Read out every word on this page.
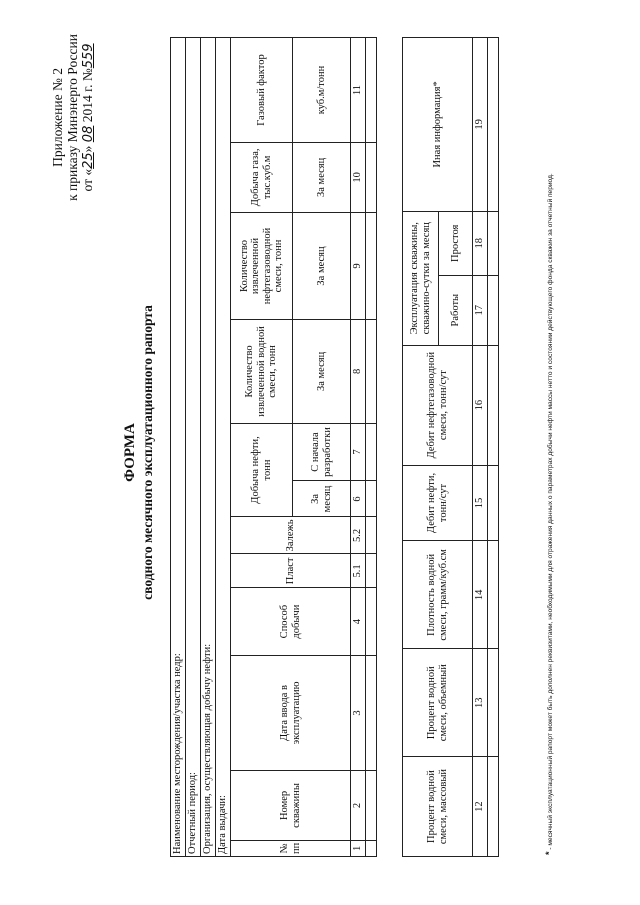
Приложение № 2 к приказу Минэнерго России от «25» 08 2014 г. №559
ФОРМА сводного месячного эксплуатационного рапорта
Наименование месторождения/участка недр:											
Отчетный период:											
Организация, осуществляющая добычу нефти:											
Дата выдачи:											
№ пп	Номер скважины	Дата ввода в эксплуатацию	Способ добычи	Пласт	Залежь	Добыча нефти, тонн		Количество извлеченной водной смеси, тонн	Количество извлеченной нефтегазоводной смеси, тонн	Добыча газа, тыс.куб.м	Газовый фактор
						За месяц	С начала разработки	За месяц	За месяц	За месяц	куб.м/тонн
1	2	3	4	5.1	5.2	6	7	8	9	10	11

Процент водной смеси, массовый	Процент водной смеси, объемный	Плотность водной смеси, грамм/куб.см	Дебит нефти, тонн/сут	Дебит нефтегазоводной смеси, тонн/сут	Эксплуатация скважины, скважино-сутки за месяц		Иная информация*
					Работы	Простоя	
12	13	14	15	16	17	18	19

* - месячный эксплуатационный рапорт может быть дополнен реквизитами, необходимыми для отражения данных о параметрах добычи нефти массы нетто и состоянии действующего фонда скважин за отчетный период.
